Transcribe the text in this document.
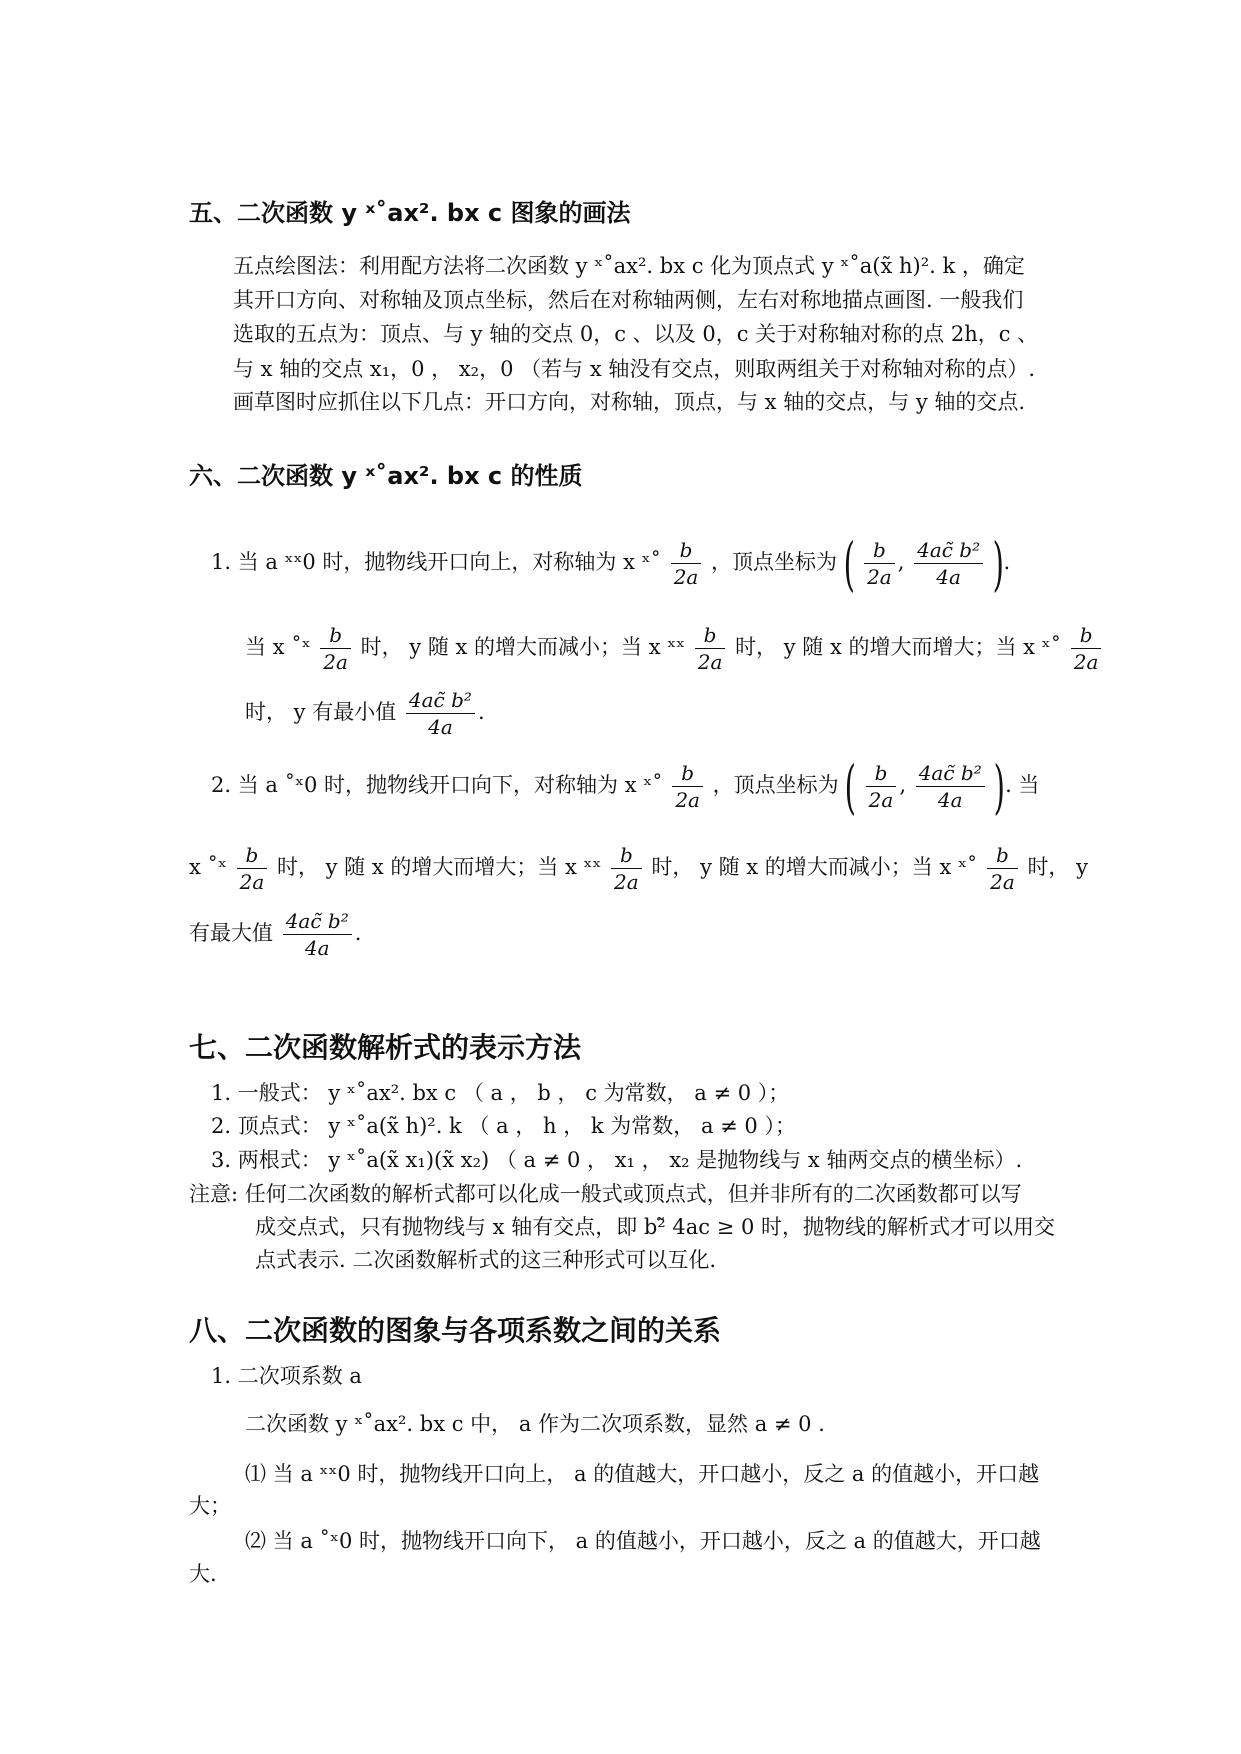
五、二次函数 y ˣ˚ax². bx c 图象的画法
五点绘图法：利用配方法将二次函数 y ˣ˚ax². bx c 化为顶点式 y ˣ˚a(x̃ h)². k ，确定
其开口方向、对称轴及顶点坐标，然后在对称轴两侧，左右对称地描点画图. 一般我们
选取的五点为：顶点、与 y 轴的交点 0，c 、以及 0，c 关于对称轴对称的点 2h，c 、
与 x 轴的交点 x₁，0 ， x₂，0 （若与 x 轴没有交点，则取两组关于对称轴对称的点）.
画草图时应抓住以下几点：开口方向，对称轴，顶点，与 x 轴的交点，与 y 轴的交点.
六、二次函数 y ˣ˚ax². bx c 的性质
1. 当 a ˣˣ0 时，抛物线开口向上，对称轴为 x ˣ˚ $\frac{b}{2a}$ ，顶点坐标为 ( $\frac{b}{2a}$ , $\frac{\text{4ac̃ b²}}{4a}$ ).
当 x ˚ˣ $\frac{b}{2a}$ 时， y 随 x 的增大而减小；当 x ˣˣ $\frac{b}{2a}$ 时， y 随 x 的增大而增大；当 x ˣ˚ $\frac{b}{2a}$
时， y 有最小值 $\frac{\text{4ac̃ b²}}{4a}$ .
2. 当 a ˚ˣ0 时，抛物线开口向下，对称轴为 x ˣ˚ $\frac{b}{2a}$ ，顶点坐标为 ( $\frac{b}{2a}$ , $\frac{\text{4ac̃ b²}}{4a}$ ). 当
x ˚ˣ $\frac{b}{2a}$ 时， y 随 x 的增大而增大；当 x ˣˣ $\frac{b}{2a}$ 时， y 随 x 的增大而减小；当 x ˣ˚ $\frac{b}{2a}$ 时， y
有最大值 $\frac{\text{4ac̃ b²}}{4a}$ .
七、二次函数解析式的表示方法
1. 一般式： y ˣ˚ax². bx c （ a ， b ， c 为常数， a ≠ 0 ）；
2. 顶点式： y ˣ˚a(x̃ h)². k （ a ， h ， k 为常数， a ≠ 0 ）；
3. 两根式： y ˣ˚a(x̃ x₁)(x̃ x₂) （ a ≠ 0 ， x₁ ， x₂ 是抛物线与 x 轴两交点的横坐标）.
注意: 任何二次函数的解析式都可以化成一般式或顶点式，但并非所有的二次函数都可以写
成交点式，只有抛物线与 x 轴有交点，即 b²̃ 4ac ≥ 0 时，抛物线的解析式才可以用交
点式表示. 二次函数解析式的这三种形式可以互化.
八、二次函数的图象与各项系数之间的关系
1. 二次项系数 a
二次函数 y ˣ˚ax². bx c 中， a 作为二次项系数，显然 a ≠ 0 .
⑴ 当 a ˣˣ0 时，抛物线开口向上， a 的值越大，开口越小，反之 a 的值越小，开口越
大；
⑵ 当 a ˚ˣ0 时，抛物线开口向下， a 的值越小，开口越小，反之 a 的值越大，开口越
大.
